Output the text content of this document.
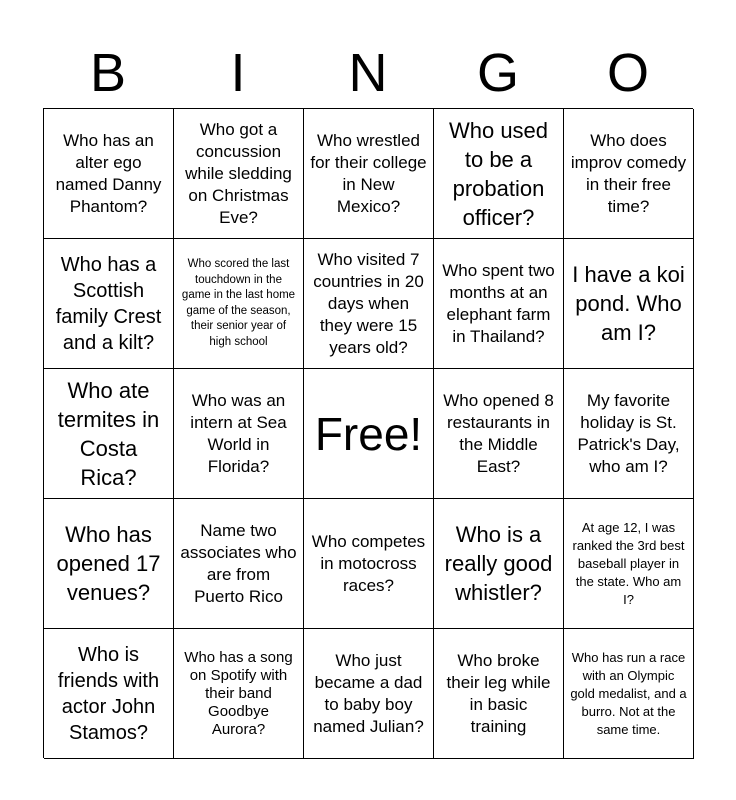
B	I	N	G	O
Who has an alter ego named Danny Phantom?
Who got a concussion while sledding on Christmas Eve?
Who wrestled for their college in New Mexico?
Who used to be a probation officer?
Who does improv comedy in their free time?
Who has a Scottish family Crest and a kilt?
Who scored the last touchdown in the game in the last home game of the season, their senior year of high school
Who visited 7 countries in 20 days when they were 15 years old?
Who spent two months at an elephant farm in Thailand?
I have a koi pond. Who am I?
Who ate termites in Costa Rica?
Who was an intern at Sea World in Florida?
Free!
Who opened 8 restaurants in the Middle East?
My favorite holiday is St. Patrick's Day, who am I?
Who has opened 17 venues?
Name two associates who are from Puerto Rico
Who competes in motocross races?
Who is a really good whistler?
At age 12, I was ranked the 3rd best baseball player in the state. Who am I?
Who is friends with actor John Stamos?
Who has a song on Spotify with their band Goodbye Aurora?
Who just became a dad to baby boy named Julian?
Who broke their leg while in basic training
Who has run a race with an Olympic gold medalist, and a burro. Not at the same time.
